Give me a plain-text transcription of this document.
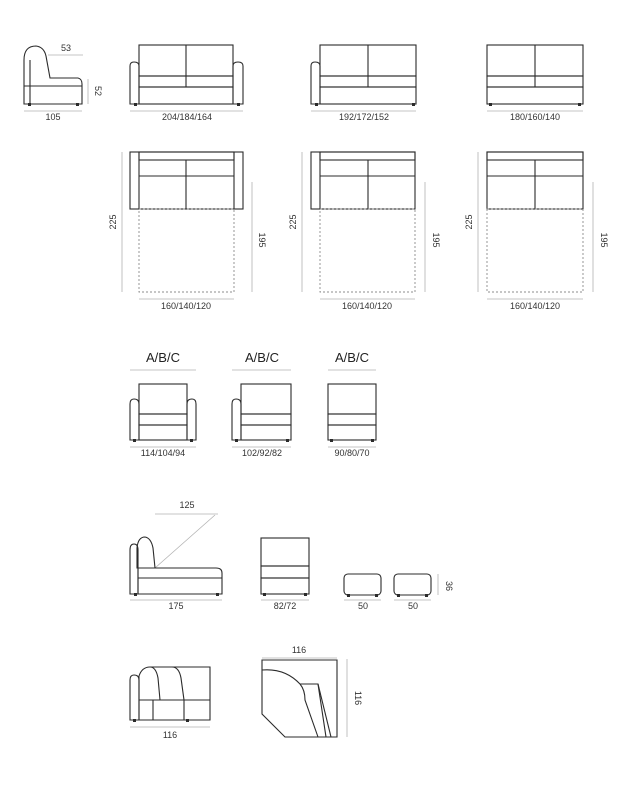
105
53
52
204/184/164	192/172/152	180/160/140
225
195
160/140/120
225
195
160/140/120
225
195
160/140/120
A/B/C
114/104/94
A/B/C
102/92/82
A/B/C
90/80/70
125
175	82/72	50	50
36
116
116
116
